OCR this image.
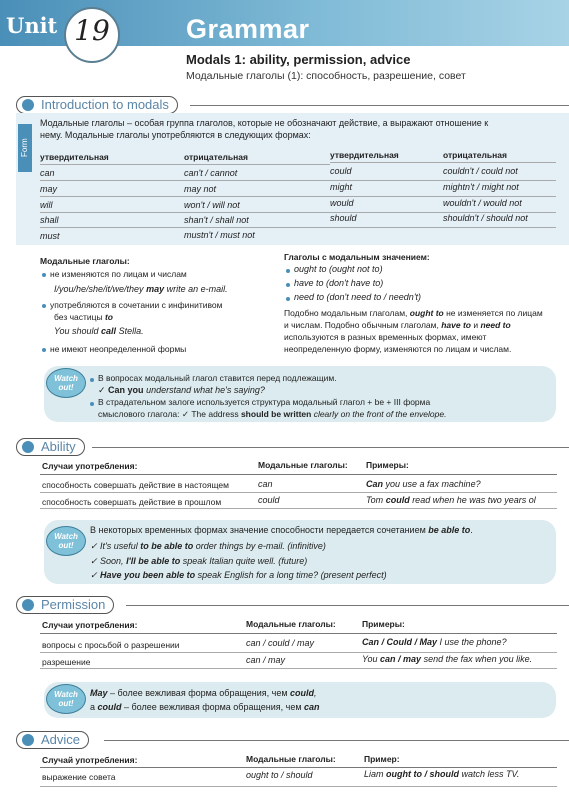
Unit 19	Grammar
Modals 1: ability, permission, advice
Модальные глаголы (1): способность, разрешение, совет
Introduction to modals
Form
Модальные глаголы – особая группа глаголов, которые не обозначают действие, а выражают отношение к
нему. Модальные глаголы употребляются в следующих формах:
утвердительная	отрицательная	утвердительная	отрицательная
can	can't / cannot	could	couldn't / could not
may	may not	might	mightn't / might not
will	won't / will not	would	wouldn't / would not
shall	shan't / shall not	should	shouldn't / should not
must	mustn't / must not
Модальные глаголы:
не изменяются по лицам и числам
I/you/he/she/it/we/they may write an e-mail.
употребляются в сочетании с инфинитивом
без частицы to
You should call Stella.
не имеют неопределенной формы
Глаголы с модальным значением:
ought to (ought not to)
have to (don't have to)
need to (don't need to / needn't)
Подобно модальным глаголам, ought to не изменяется по лицам
и числам. Подобно обычным глаголам, have to и need to
используются в разных временных формах, имеют
неопределенную форму, изменяются по лицам и числам.
Watch out!
В вопросах модальный глагол ставится перед подлежащим.
✓ Can you understand what he's saying?
В страдательном залоге используется структура модальный глагол + be + III форма
смыслового глагола: ✓ The address should be written clearly on the front of the envelope.
Ability
Случаи употребления:	Модальные глаголы: Примеры:
способность совершать действие в настоящем	can	Can you use a fax machine?
способность совершать действие в прошлом	could	Tom could read when he was two years ol
Watch out!
В некоторых временных формах значение способности передается сочетанием be able to.
✓ It's useful to be able to order things by e-mail. (infinitive)
✓ Soon, I'll be able to speak Italian quite well. (future)
✓ Have you been able to speak English for a long time? (present perfect)
Permission
Случаи употребления:	Модальные глаголы:	Примеры:
вопросы с просьбой о разрешении	can / could / may	Can / Could / May I use the phone?
разрешение	can / may	You can / may send the fax when you like.
Watch out!
May – более вежливая форма обращения, чем could,
а could – более вежливая форма обращения, чем can
Advice
Случай употребления:	Модальные глаголы:	Пример:
выражение совета	ought to / should	Liam ought to / should watch less TV.
